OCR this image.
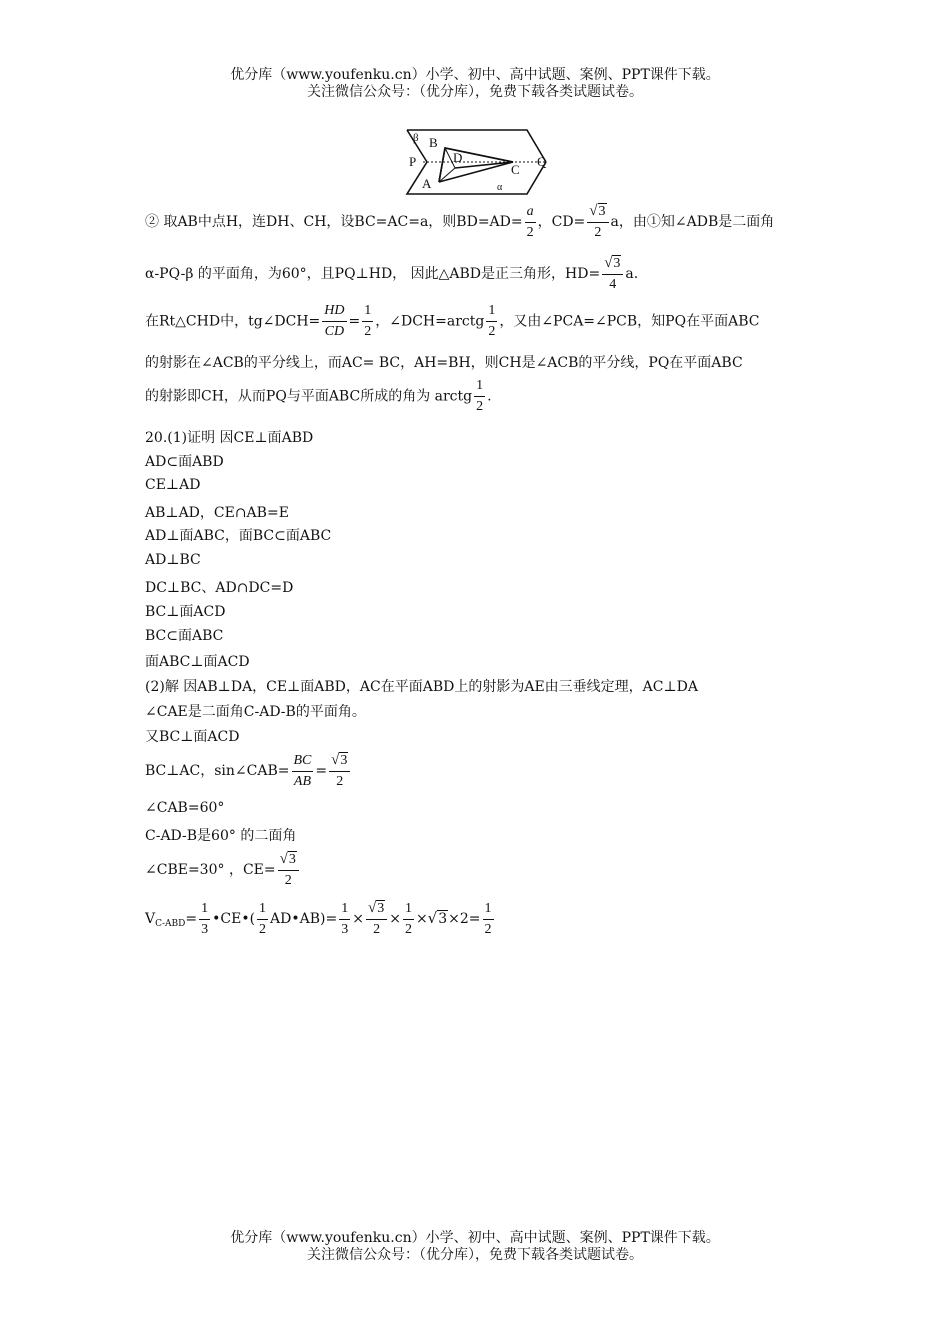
优分库（www.youfenku.cn）小学、初中、高中试题、案例、PPT课件下载。
关注微信公众号：（优分库），免费下载各类试题试卷。
β B
D
P	Q
C
A	α
② 取AB中点H，连DH、CH，设BC=AC=a，则$BD=AD= \frac{a}{2}$ ，$CD= \frac{√3}{2}$ a，由①知∠ADB是二面角
α-PQ-β 的平面角，为60°，且PQ⊥HD， 因此△ABD是正三角形，$HD= \frac{√3}{4} a$.
在Rt△CHD中，tg∠DCH= $\frac{HD}{CD} = \frac{1}{2}$ ，∠DCH=arctg $\frac{1}{2}$ ，又由∠PCA=∠PCB，知PQ在平面ABC
的射影在∠ACB的平分线上，而AC= BC，AH=BH，则CH是∠ACB的平分线，PQ在平面ABC
的射影即CH，从而PQ与平面ABC所成的角为 arctg $\frac{1}{2}$ .
20.(1)证明 因CE⊥面ABD
AD⊂面ABD
CE⊥AD
AB⊥AD，CE∩AB=E
AD⊥面ABC，面BC⊂面ABC
AD⊥BC
DC⊥BC、AD∩DC=D
BC⊥面ACD
BC⊂面ABC
面ABC⊥面ACD
(2)解 因AB⊥DA，CE⊥面ABD，AC在平面ABD上的射影为AE由三垂线定理，AC⊥DA
∠CAE是二面角C-AD-B的平面角。
又BC⊥面ACD
BC⊥AC，sin∠CAB= $\frac{BC}{AB} = \frac{√3}{2}$
∠CAB=60°
C-AD-B是60° 的二面角
∠CBE=30° ，$CE= \frac{√3}{2}$
$V_{C-ABD}= \frac{1}{3}$ •CE•( $\frac{1}{2}$ AD•AB)= $\frac{1}{3} \times \frac{√3}{2} \times \frac{1}{2} \times√3\times 2= \frac{1}{2}$
优分库（www.youfenku.cn）小学、初中、高中试题、案例、PPT课件下载。
关注微信公众号：（优分库），免费下载各类试题试卷。
